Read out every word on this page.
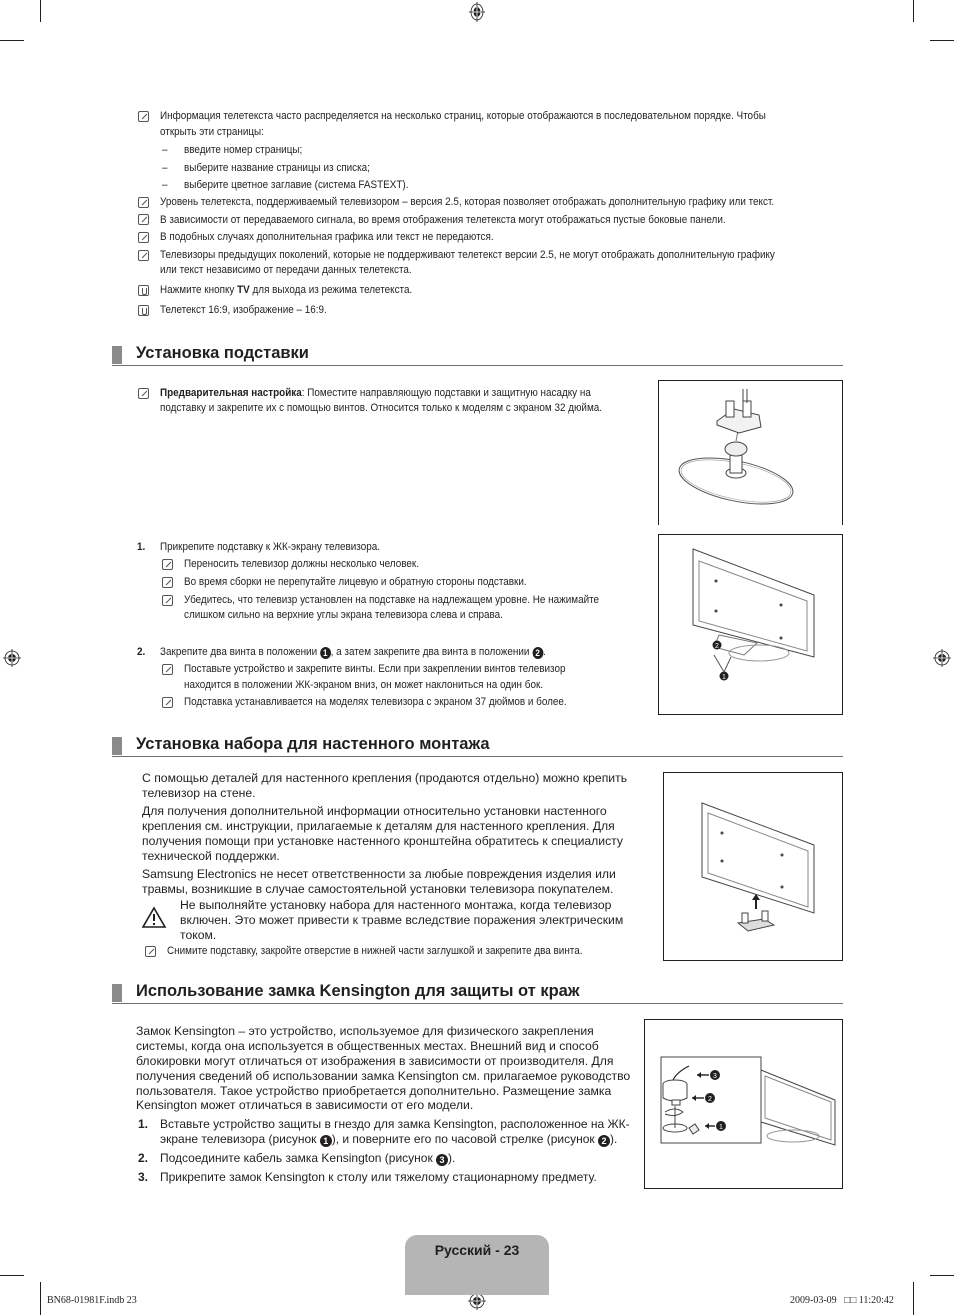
Информация телетекста часто распределяется на несколько страниц, которые отображаются в последовательном порядке. Чтобы
открыть эти страницы:
– введите номер страницы;
– выберите название страницы из списка;
– выберите цветное заглавие (система FASTEXT).
Уровень телетекста, поддерживаемый телевизором – версия 2.5, которая позволяет отображать дополнительную графику или текст.
В зависимости от передаваемого сигнала, во время отображения телетекста могут отображаться пустые боковые панели.
В подобных случаях дополнительная графика или текст не передаются.
Телевизоры предыдущих поколений, которые не поддерживают телетекст версии 2.5, не могут отображать дополнительную графику
или текст независимо от передачи данных телетекста.
Нажмите кнопку TV для выхода из режима телетекста.
Телетекст 16:9, изображение – 16:9.
Установка подставки
Предварительная настройка: Поместите направляющую подставки и защитную насадку на
подставку и закрепите их с помощью винтов. Относится только к моделям с экраном 32 дюйма.
1. Прикрепите подставку к ЖК-экрану телевизора.
Переносить телевизор должны несколько человек.
Во время сборки не перепутайте лицевую и обратную стороны подставки.
Убедитесь, что телевизр установлен на подставке на надлежащем уровне. Не нажимайте
слишком сильно на верхние углы экрана телевизора слева и справа.
2. Закрепите два винта в положении 1 , а затем закрепите два винта в положении 2 .
Поставьте устройство и закрепите винты. Если при закреплении винтов телевизор
находится в положении ЖК-экраном вниз, он может наклониться на один бок.
Подставка устанавливается на моделях телевизора с экраном 37 дюймов и более.
2
1
Установка набора для настенного монтажа
С помощью деталей для настенного крепления (продаются отдельно) можно крепить
телевизор на стене.
Для получения дополнительной информации относительно установки настенного
крепления см. инструкции, прилагаемые к деталям для настенного крепления. Для
получения помощи при установке настенного кронштейна обратитесь к специалисту
технической поддержки.
Samsung Electronics не несет ответственности за любые повреждения изделия или
травмы, возникшие в случае самостоятельной установки телевизора покупателем.
Не выполняйте установку набора для настенного монтажа, когда телевизор
включен. Это может привести к травме вследствие поражения электрическим
током.
Снимите подставку, закройте отверстие в нижней части заглушкой и закрепите два винта.
Использование замка Kensington для защиты от краж
Замок Kensington – это устройство, используемое для физического закрепления
системы, когда она используется в общественных местах. Внешний вид и способ
блокировки могут отличаться от изображения в зависимости от производителя. Для
получения сведений об использовании замка Kensington см. прилагаемое руководство
пользователя. Такое устройство приобретается дополнительно. Размещение замка
Kensington может отличаться в зависимости от его модели.
1. Вставьте устройство защиты в гнездо для замка Kensington, расположенное на ЖК-
экране телевизора (рисунок 1 ), и поверните его по часовой стрелке (рисунок 2 ).
2. Подсоедините кабель замка Kensington (рисунок 3 ).
3. Прикрепите замок Kensington к столу или тяжелому стационарному предмету.
3
2
1
Русский - 23
BN68-01981F.indb 23	2009-03-09   □□ 11:20:42
